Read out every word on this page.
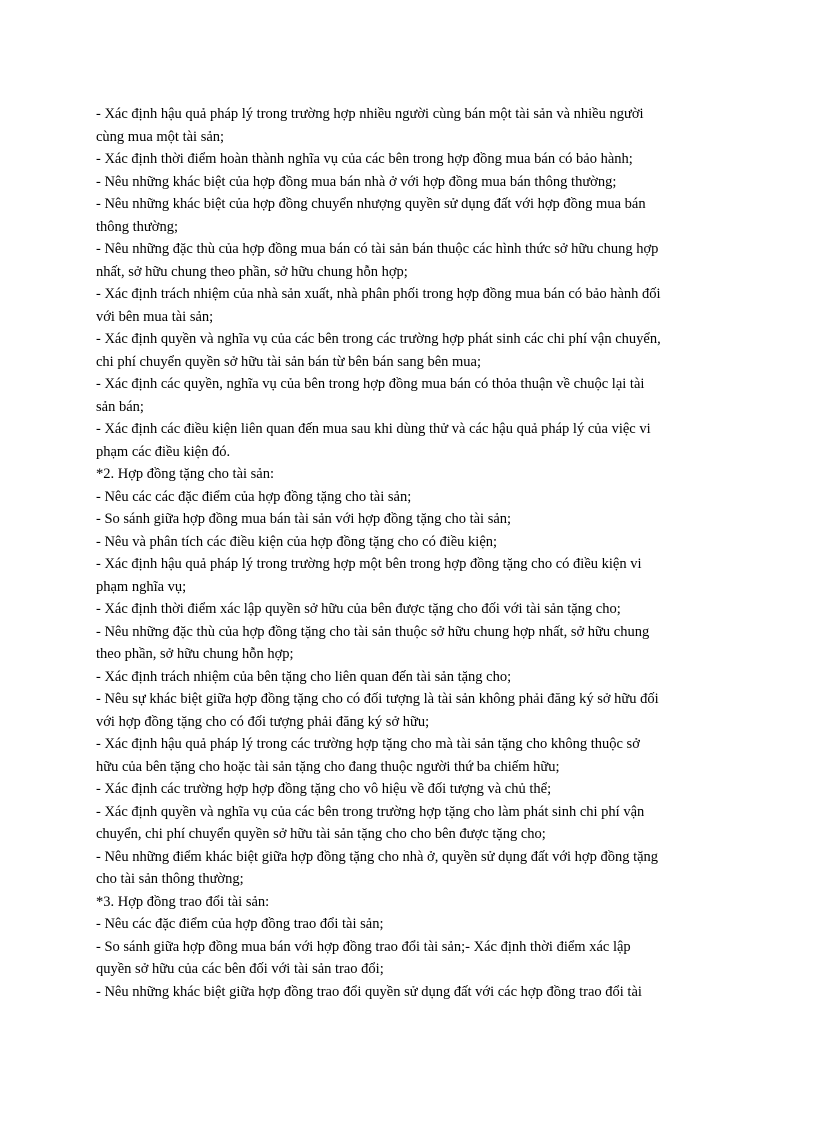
- Xác định hậu quả pháp lý trong trường hợp nhiều người cùng bán một tài sản và nhiều người
cùng mua một tài sản;
- Xác định thời điểm hoàn thành nghĩa vụ của các bên trong hợp đồng mua bán có bảo hành;
- Nêu những khác biệt của hợp đồng mua bán nhà ở với hợp đồng mua bán thông thường;
- Nêu những khác biệt của hợp đồng chuyển nhượng quyền sử dụng đất với hợp đồng mua bán
thông thường;
- Nêu những đặc thù của hợp đồng mua bán có tài sản bán thuộc các hình thức sở hữu chung hợp
nhất, sở hữu chung theo phần, sở hữu chung hỗn hợp;
- Xác định trách nhiệm của nhà sản xuất, nhà phân phối trong hợp đồng mua bán có bảo hành đối
với bên mua tài sản;
- Xác định quyền và nghĩa vụ của các bên trong các trường hợp phát sinh các chi phí vận chuyển,
chi phí chuyển quyền sở hữu tài sản bán từ bên bán sang bên mua;
- Xác định các quyền, nghĩa vụ của bên trong hợp đồng mua bán có thỏa thuận về chuộc lại tài
sản bán;
- Xác định các điều kiện liên quan đến mua sau khi dùng thử và các hậu quả pháp lý của việc vi
phạm các điều kiện đó.
*2. Hợp đồng tặng cho tài sản:
- Nêu các các đặc điểm của hợp đồng tặng cho tài sản;
- So sánh giữa hợp đồng mua bán tài sản với hợp đồng tặng cho tài sản;
- Nêu và phân tích các điều kiện của hợp đồng tặng cho có điều kiện;
- Xác định hậu quả pháp lý trong trường hợp một bên trong hợp đồng tặng cho có điều kiện vi
phạm nghĩa vụ;
- Xác định thời điểm xác lập quyền sở hữu của bên được tặng cho đối với tài sản tặng cho;
- Nêu những đặc thù của hợp đồng tặng cho tài sản thuộc sở hữu chung hợp nhất, sở hữu chung
theo phần, sở hữu chung hỗn hợp;
- Xác định trách nhiệm của bên tặng cho liên quan đến tài sản tặng cho;
- Nêu sự khác biệt giữa hợp đồng tặng cho có đối tượng là tài sản không phải đăng ký sở hữu đối
với hợp đồng tặng cho có đối tượng phải đăng ký sở hữu;
- Xác định hậu quả pháp lý trong các trường hợp tặng cho mà tài sản tặng cho không thuộc sở
hữu của bên tặng cho hoặc tài sản tặng cho đang thuộc người thứ ba chiếm hữu;
- Xác định các trường hợp hợp đồng tặng cho vô hiệu về đối tượng và chủ thể;
- Xác định quyền và nghĩa vụ của các bên trong trường hợp tặng cho làm phát sinh chi phí vận
chuyển, chi phí chuyển quyền sở hữu tài sản tặng cho cho bên được tặng cho;
- Nêu những điểm khác biệt giữa hợp đồng tặng cho nhà ở, quyền sử dụng đất với hợp đồng tặng
cho tài sản thông thường;
*3. Hợp đồng trao đổi tài sản:
- Nêu các đặc điểm của hợp đồng trao đổi tài sản;
- So sánh giữa hợp đồng mua bán với hợp đồng trao đổi tài sản;- Xác định thời điểm xác lập
quyền sở hữu của các bên đối với tài sản trao đổi;
- Nêu những khác biệt giữa hợp đồng trao đổi quyền sử dụng đất với các hợp đồng trao đổi tài
